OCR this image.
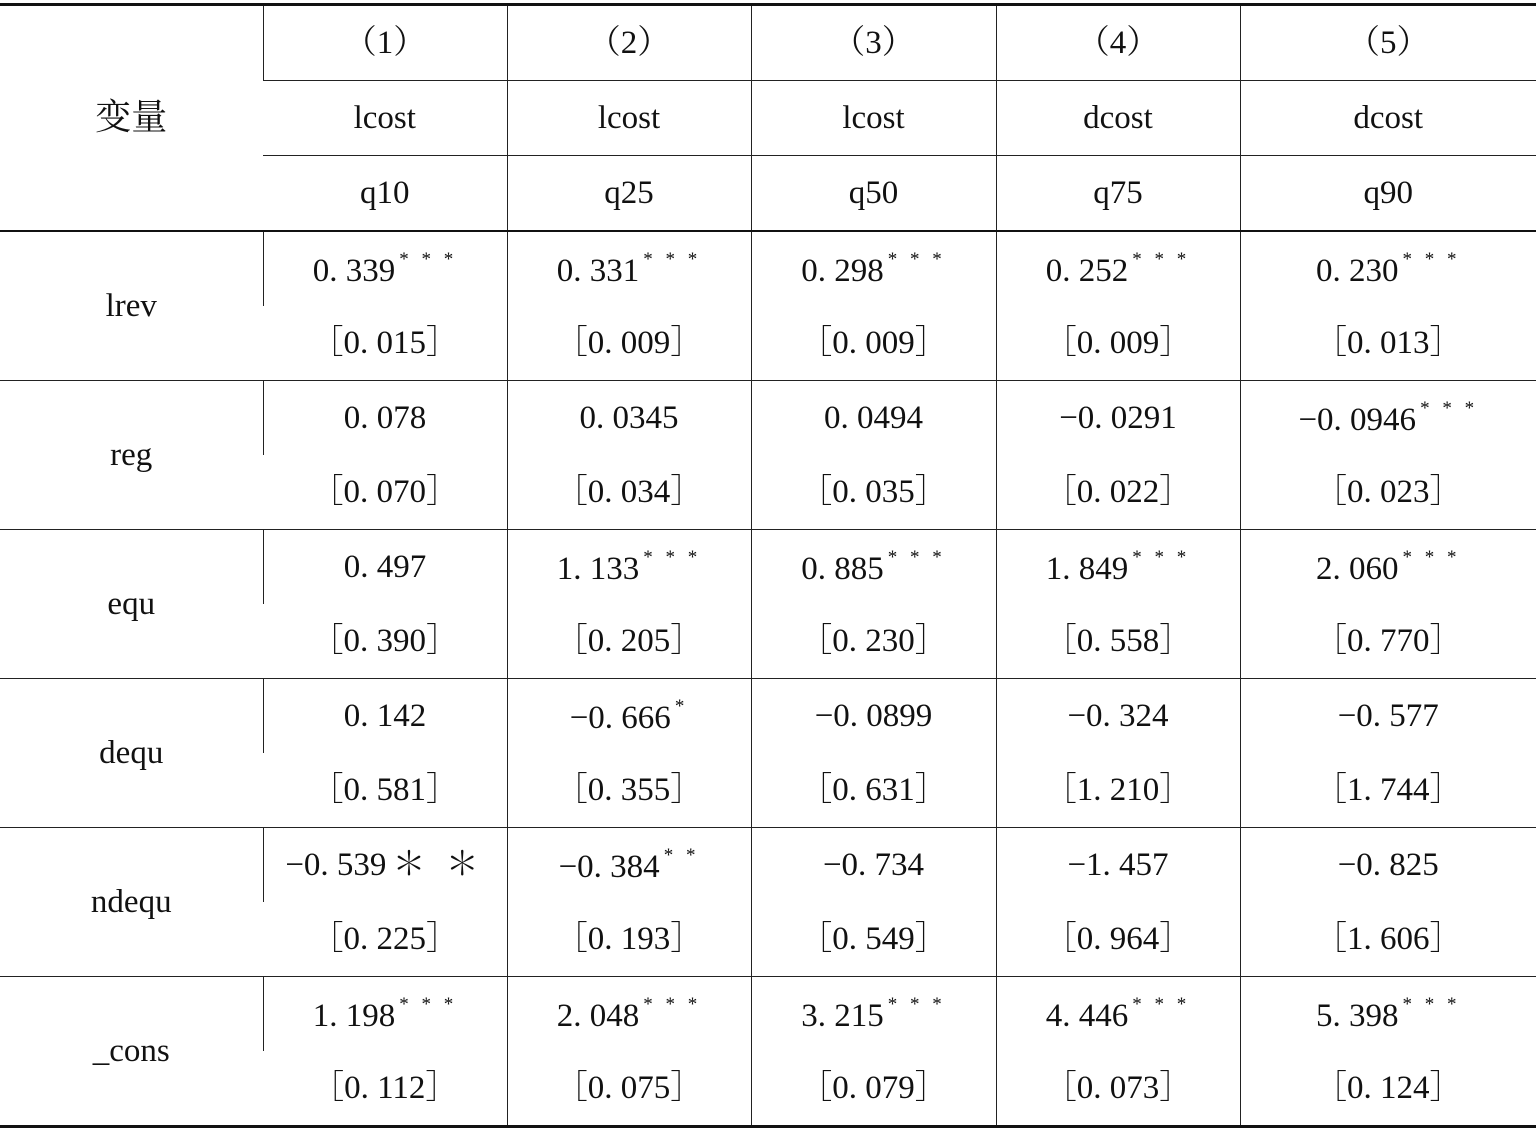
变量	（1）	（2）	（3）	（4）	（5）
	lcost	lcost	lcost	dcost	dcost
	q10	q25	q50	q75	q90
lrev	0. 339 * * *	0. 331 * * *	0. 298 * * *	0. 252 * * *	0. 230 * * *
	［0. 015］	［0. 009］	［0. 009］	［0. 009］	［0. 013］
reg	0. 078	0. 0345	0. 0494	−0. 0291	−0. 0946 * * *
	［0. 070］	［0. 034］	［0. 035］	［0. 022］	［0. 023］
equ	0. 497	1. 133 * * *	0. 885 * * *	1. 849 * * *	2. 060 * * *
	［0. 390］	［0. 205］	［0. 230］	［0. 558］	［0. 770］
dequ	0. 142	−0. 666 *	−0. 0899	−0. 324	−0. 577
	［0. 581］	［0. 355］	［0. 631］	［1. 210］	［1. 744］
ndequ	−0. 539 ＊ ＊	−0. 384 * *	−0. 734	−1. 457	−0. 825
	［0. 225］	［0. 193］	［0. 549］	［0. 964］	［1. 606］
_cons	1. 198 * * *	2. 048 * * *	3. 215 * * *	4. 446 * * *	5. 398 * * *
	［0. 112］	［0. 075］	［0. 079］	［0. 073］	［0. 124］
